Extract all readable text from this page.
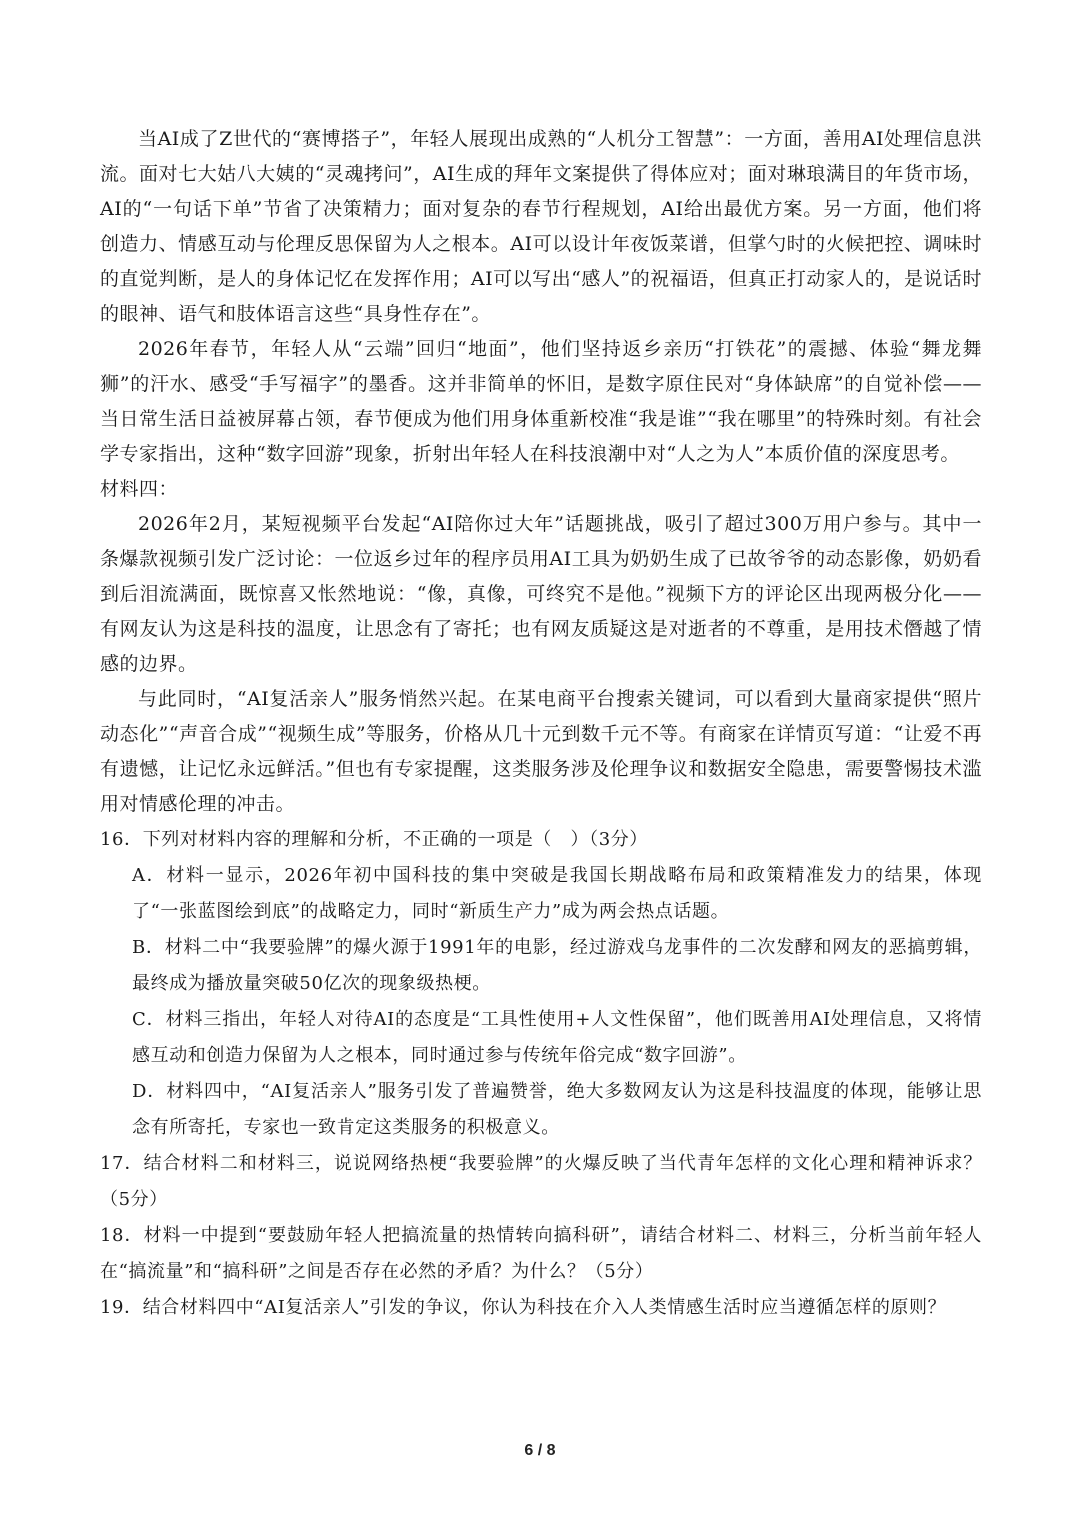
当AI成了Z世代的“赛博搭子”，年轻人展现出成熟的“人机分工智慧”：一方面，善用AI处理信息洪流。面对七大姑八大姨的“灵魂拷问”，AI生成的拜年文案提供了得体应对；面对琳琅满目的年货市场，AI的“一句话下单”节省了决策精力；面对复杂的春节行程规划，AI给出最优方案。另一方面，他们将创造力、情感互动与伦理反思保留为人之根本。AI可以设计年夜饭菜谱，但掌勺时的火候把控、调味时的直觉判断，是人的身体记忆在发挥作用；AI可以写出“感人”的祝福语，但真正打动家人的，是说话时的眼神、语气和肢体语言这些“具身性存在”。

2026年春节，年轻人从“云端”回归“地面”，他们坚持返乡亲历“打铁花”的震撼、体验“舞龙舞狮”的汗水、感受“手写福字”的墨香。这并非简单的怀旧，是数字原住民对“身体缺席”的自觉补偿——当日常生活日益被屏幕占领，春节便成为他们用身体重新校准“我是谁”“我在哪里”的特殊时刻。有社会学专家指出，这种“数字回游”现象，折射出年轻人在科技浪潮中对“人之为人”本质价值的深度思考。

材料四：

2026年2月，某短视频平台发起“AI陪你过大年”话题挑战，吸引了超过300万用户参与。其中一条爆款视频引发广泛讨论：一位返乡过年的程序员用AI工具为奶奶生成了已故爷爷的动态影像，奶奶看到后泪流满面，既惊喜又怅然地说：“像，真像，可终究不是他。”视频下方的评论区出现两极分化——有网友认为这是科技的温度，让思念有了寄托；也有网友质疑这是对逝者的不尊重，是用技术僭越了情感的边界。

与此同时，“AI复活亲人”服务悄然兴起。在某电商平台搜索关键词，可以看到大量商家提供“照片动态化”“声音合成”“视频生成”等服务，价格从几十元到数千元不等。有商家在详情页写道：“让爱不再有遗憾，让记忆永远鲜活。”但也有专家提醒，这类服务涉及伦理争议和数据安全隐患，需要警惕技术滥用对情感伦理的冲击。

16．下列对材料内容的理解和分析，不正确的一项是（　）（3分）

A．材料一显示，2026年初中国科技的集中突破是我国长期战略布局和政策精准发力的结果，体现了“一张蓝图绘到底”的战略定力，同时“新质生产力”成为两会热点话题。

B．材料二中“我要验牌”的爆火源于1991年的电影，经过游戏乌龙事件的二次发酵和网友的恶搞剪辑，最终成为播放量突破50亿次的现象级热梗。

C．材料三指出，年轻人对待AI的态度是“工具性使用+人文性保留”，他们既善用AI处理信息，又将情感互动和创造力保留为人之根本，同时通过参与传统年俗完成“数字回游”。

D．材料四中，“AI复活亲人”服务引发了普遍赞誉，绝大多数网友认为这是科技温度的体现，能够让思念有所寄托，专家也一致肯定这类服务的积极意义。

17．结合材料二和材料三，说说网络热梗“我要验牌”的火爆反映了当代青年怎样的文化心理和精神诉求？（5分）

18．材料一中提到“要鼓励年轻人把搞流量的热情转向搞科研”，请结合材料二、材料三，分析当前年轻人在“搞流量”和“搞科研”之间是否存在必然的矛盾？为什么？（5分）

19．结合材料四中“AI复活亲人”引发的争议，你认为科技在介入人类情感生活时应当遵循怎样的原则？

6 / 8
